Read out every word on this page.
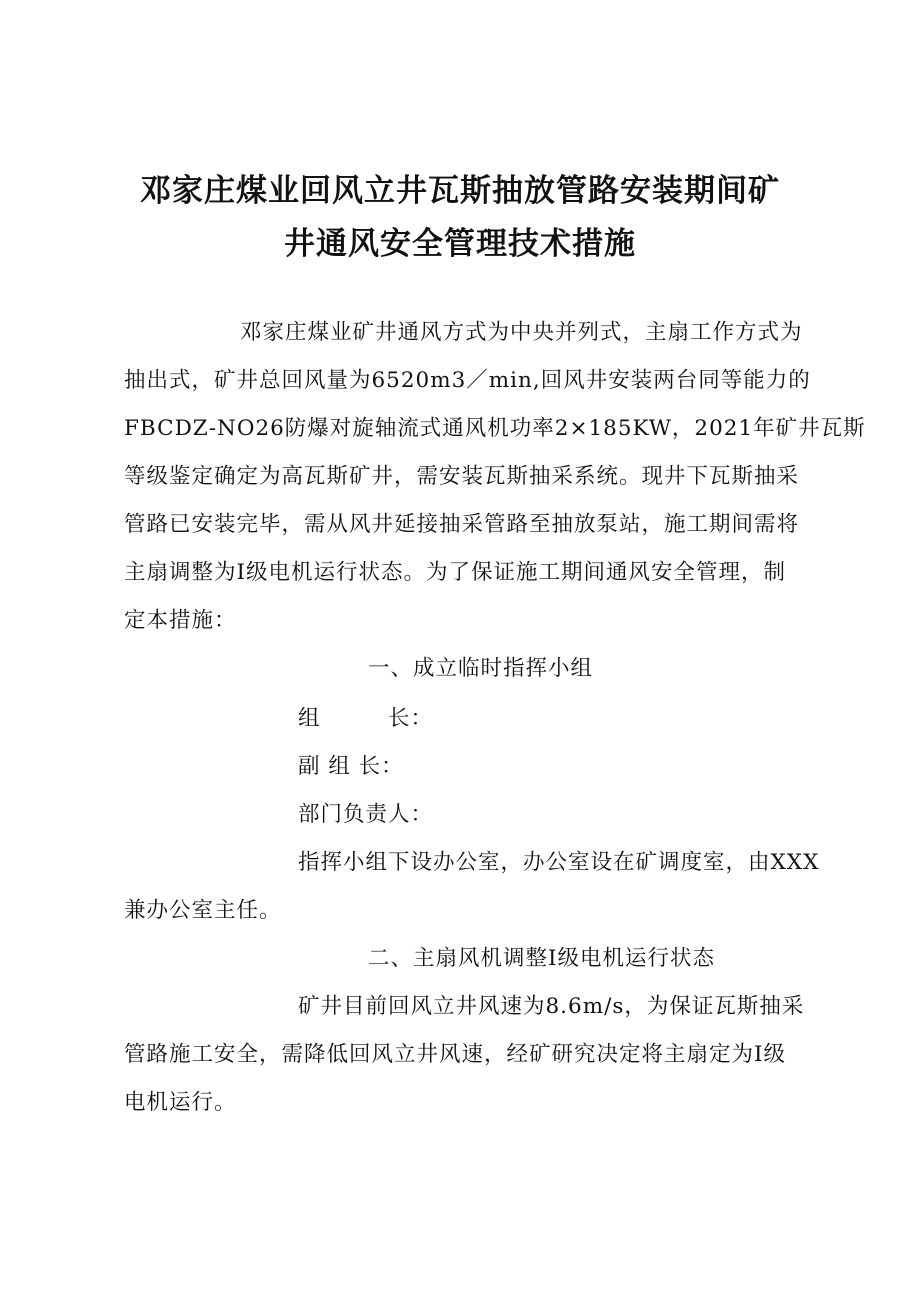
邓家庄煤业回风立井瓦斯抽放管路安装期间矿
井通风安全管理技术措施
邓家庄煤业矿井通风方式为中央并列式，主扇工作方式为
抽出式，矿井总回风量为6520m3／min,回风井安装两台同等能力的
FBCDZ-NO26防爆对旋轴流式通风机功率2×185KW，2021年矿井瓦斯
等级鉴定确定为高瓦斯矿井，需安装瓦斯抽采系统。现井下瓦斯抽采
管路已安装完毕，需从风井延接抽采管路至抽放泵站，施工期间需将
主扇调整为Ⅰ级电机运行状态。为了保证施工期间通风安全管理，制
定本措施：
一、成立临时指挥小组
组　　　长：
副 组 长：
部门负责人：
指挥小组下设办公室，办公室设在矿调度室，由XXX
兼办公室主任。
二、主扇风机调整Ⅰ级电机运行状态
矿井目前回风立井风速为8.6m/s，为保证瓦斯抽采
管路施工安全，需降低回风立井风速，经矿研究决定将主扇定为Ⅰ级
电机运行。
